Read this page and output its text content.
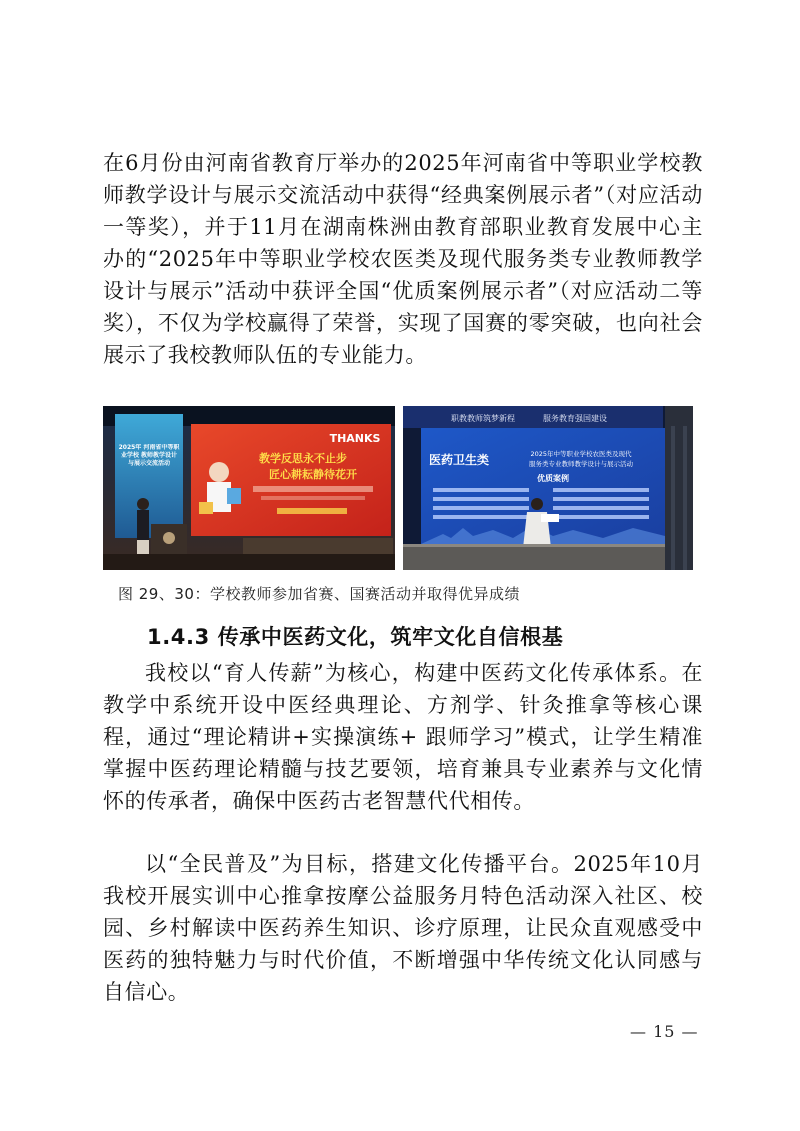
在6月份由河南省教育厅举办的2025年河南省中等职业学校教师教学设计与展示交流活动中获得“经典案例展示者”（对应活动一等奖），并于11月在湖南株洲由教育部职业教育发展中心主办的“2025年中等职业学校农医类及现代服务类专业教师教学设计与展示”活动中获评全国“优质案例展示者”（对应活动二等奖），不仅为学校赢得了荣誉，实现了国赛的零突破，也向社会展示了我校教师队伍的专业能力。

2025年 河南省中等职业学校 教师教学设计 与展示交流活动
THANKS
教学反思永不止步
匠心耕耘静待花开
职教教师筑梦新程	服务教育强国建设
医药卫生类	2025年中等职业学校农医类及现代
服务类专业教师教学设计与展示活动
优质案例

图 29、30：学校教师参加省赛、国赛活动并取得优异成绩

1.4.3 传承中医药文化，筑牢文化自信根基

我校以“育人传薪”为核心，构建中医药文化传承体系。在教学中系统开设中医经典理论、方剂学、针灸推拿等核心课程，通过“理论精讲+实操演练+ 跟师学习”模式，让学生精准掌握中医药理论精髓与技艺要领，培育兼具专业素养与文化情怀的传承者，确保中医药古老智慧代代相传。

以“全民普及”为目标，搭建文化传播平台。2025年10月我校开展实训中心推拿按摩公益服务月特色活动深入社区、校园、乡村解读中医药养生知识、诊疗原理，让民众直观感受中医药的独特魅力与时代价值，不断增强中华传统文化认同感与自信心。

— 15 —
